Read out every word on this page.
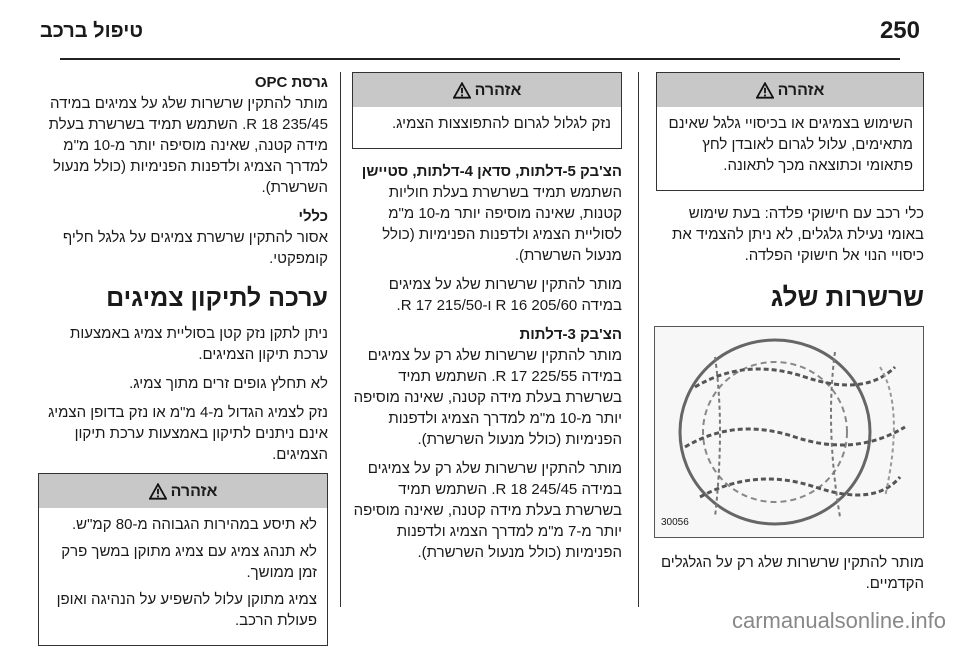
250
טיפול ברכב
אזהרה

השימוש בצמיגים או בכיסויי גלגל שאינם מתאימים, עלול לגרום לאובדן לחץ פתאומי וכתוצאה מכך לתאונה.

כלי רכב עם חישוקי פלדה: בעת שימוש באומי נעילת גלגלים, לא ניתן להצמיד את כיסויי הנוי אל חישוקי הפלדה.

שרשרות שלג
30056

מותר להתקין שרשרות שלג רק על הגלגלים הקדמיים.

אזהרה

נזק לגלול לגרום להתפוצצות הצמיג.

הצ'בק 5-דלתות, סדאן 4-דלתות, סטיישן

השתמש תמיד בשרשרת בעלת חוליות קטנות, שאינה מוסיפה יותר מ-10 מ"מ לסוליית הצמיג ולדפנות הפנימיות (כולל מנעול השרשרת).

מותר להתקין שרשרות שלג על צמיגים במידה 205/60 R 16 ו-215/50 R 17.

הצ'בק 3-דלתות

מותר להתקין שרשרות שלג רק על צמיגים במידה 225/55 R 17. השתמש תמיד בשרשרת בעלת מידה קטנה, שאינה מוסיפה יותר מ-10 מ"מ למדרך הצמיג ולדפנות הפנימיות (כולל מנעול השרשרת).

מותר להתקין שרשרות שלג רק על צמיגים במידה 245/45 R 18. השתמש תמיד בשרשרת בעלת מידה קטנה, שאינה מוסיפה יותר מ-7 מ"מ למדרך הצמיג ולדפנות הפנימיות (כולל מנעול השרשרת).

גרסת OPC

מותר להתקין שרשרות שלג על צמיגים במידה 235/45 R 18. השתמש תמיד בשרשרת בעלת מידה קטנה, שאינה מוסיפה יותר מ-10 מ"מ למדרך הצמיג ולדפנות הפנימיות (כולל מנעול השרשרת).

כללי

אסור להתקין שרשרת צמיגים על גלגל חליף קומפקטי.

ערכה לתיקון צמיגים

ניתן לתקן נזק קטן בסוליית צמיג באמצעות ערכת תיקון הצמיגים.

לא תחלץ גופים זרים מתוך צמיג.

נזק לצמיג הגדול מ-4 מ"מ או נזק בדופן הצמיג אינם ניתנים לתיקון באמצעות ערכת תיקון הצמיגים.

אזהרה

לא תיסע במהירות הגבוהה מ-80 קמ"ש.

לא תנהג צמיג עם צמיג מתוקן במשך פרק זמן ממושך.

צמיג מתוקן עלול להשפיע על הנהיגה ואופן פעולת הרכב.	carmanualsonline.info
